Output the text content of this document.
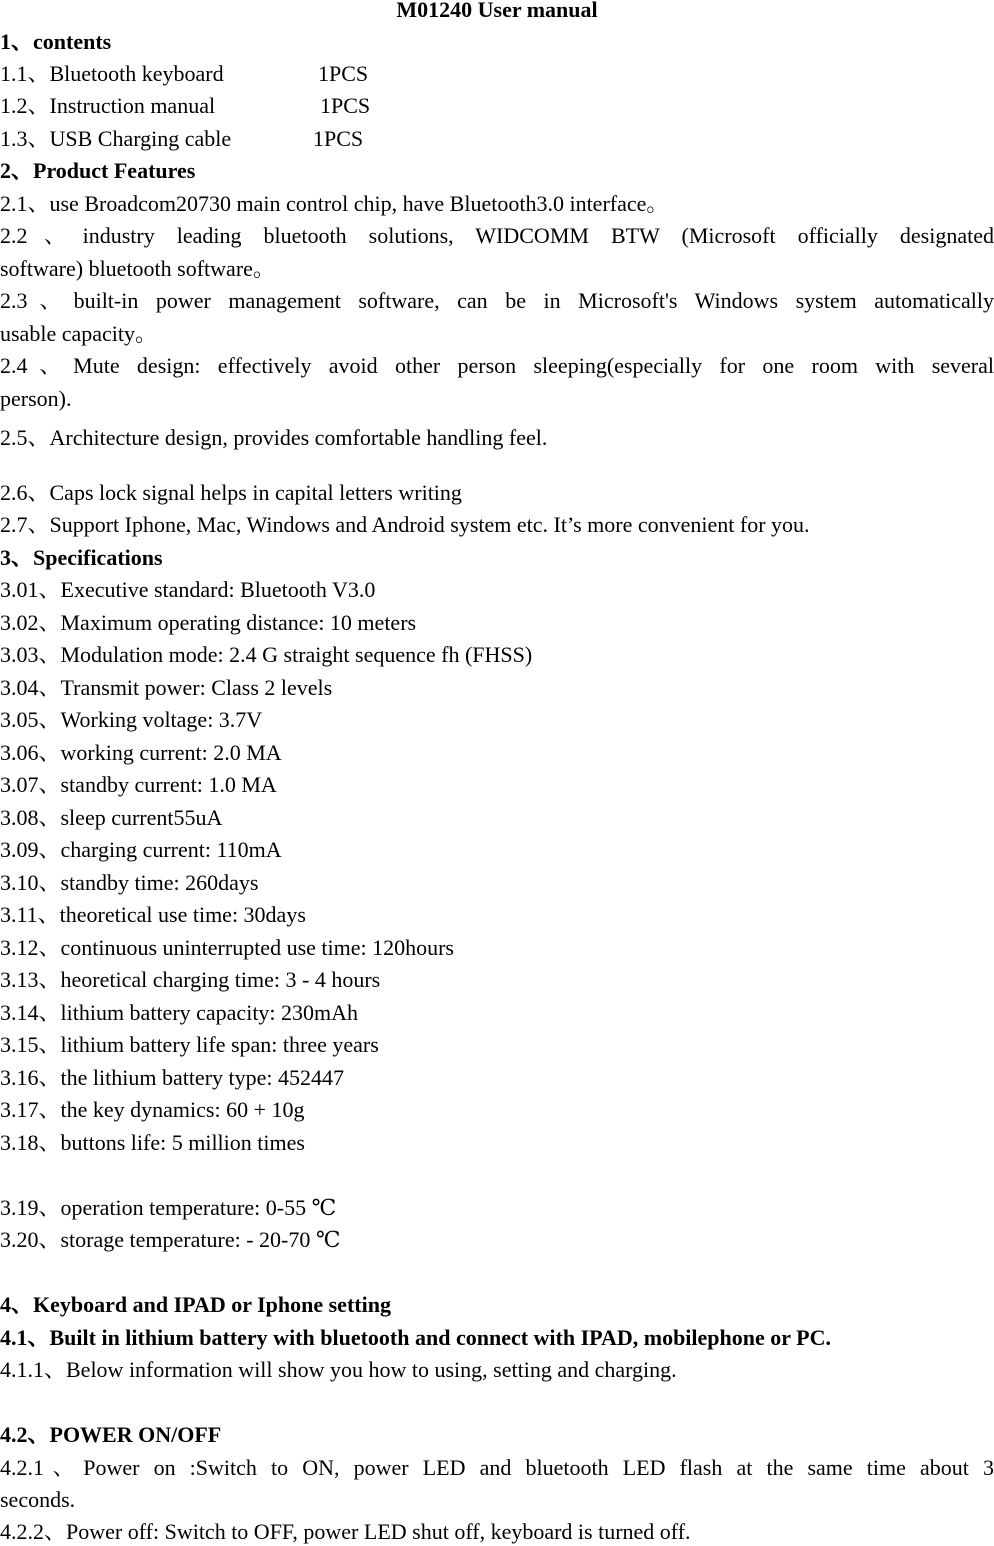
M01240 User manual
1、contents
1.1、Bluetooth keyboard	1PCS
1.2、Instruction manual	1PCS
1.3、USB Charging cable	1PCS
2、Product Features
2.1、use Broadcom20730 main control chip, have Bluetooth3.0 interface。
2.2、industry leading bluetooth solutions, WIDCOMM BTW (Microsoft officially designated
software) bluetooth software。
2.3、built-in power management software, can be in Microsoft's Windows system automatically
usable capacity。
2.4、Mute design: effectively avoid other person sleeping(especially for one room with several
person).
2.5、Architecture design, provides comfortable handling feel.
2.6、Caps lock signal helps in capital letters writing
2.7、Support Iphone, Mac, Windows and Android system etc. It’s more convenient for you.
3、Specifications
3.01、Executive standard: Bluetooth V3.0
3.02、Maximum operating distance: 10 meters
3.03、Modulation mode: 2.4 G straight sequence fh (FHSS)
3.04、Transmit power: Class 2 levels
3.05、Working voltage: 3.7V
3.06、working current: 2.0 MA
3.07、standby current: 1.0 MA
3.08、sleep current55uA
3.09、charging current: 110mA
3.10、standby time: 260days
3.11、theoretical use time: 30days
3.12、continuous uninterrupted use time: 120hours
3.13、heoretical charging time: 3 - 4 hours
3.14、lithium battery capacity: 230mAh
3.15、lithium battery life span: three years
3.16、the lithium battery type: 452447
3.17、the key dynamics: 60 + 10g
3.18、buttons life: 5 million times
3.19、operation temperature: 0-55 ℃
3.20、storage temperature: - 20-70 ℃
4、Keyboard and IPAD or Iphone setting
4.1、Built in lithium battery with bluetooth and connect with IPAD, mobilephone or PC.
4.1.1、Below information will show you how to using, setting and charging.
4.2、POWER ON/OFF
4.2.1、Power on :Switch to ON, power LED and bluetooth LED flash at the same time about 3
seconds.
4.2.2、Power off: Switch to OFF, power LED shut off, keyboard is turned off.
